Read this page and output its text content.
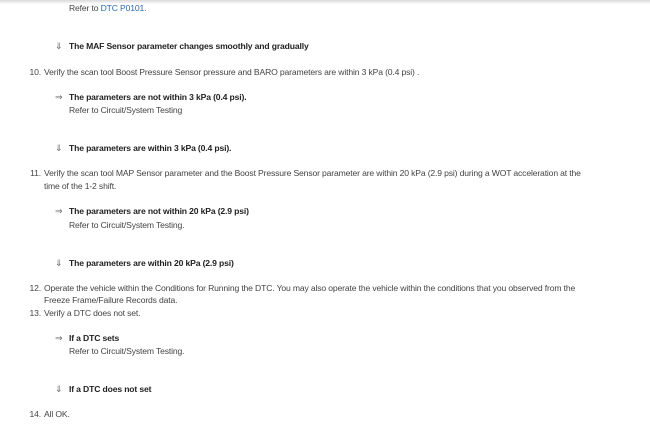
Refer to DTC P0101.
⇓ The MAF Sensor parameter changes smoothly and gradually
10. Verify the scan tool Boost Pressure Sensor pressure and BARO parameters are within 3 kPa (0.4 psi) .
⇒ The parameters are not within 3 kPa (0.4 psi).
Refer to Circuit/System Testing
⇓ The parameters are within 3 kPa (0.4 psi).
11. Verify the scan tool MAP Sensor parameter and the Boost Pressure Sensor parameter are within 20 kPa (2.9 psi) during a WOT acceleration at the
time of the 1-2 shift.
⇒ The parameters are not within 20 kPa (2.9 psi)
Refer to Circuit/System Testing.
⇓ The parameters are within 20 kPa (2.9 psi)
12. Operate the vehicle within the Conditions for Running the DTC. You may also operate the vehicle within the conditions that you observed from the
Freeze Frame/Failure Records data.
13. Verify a DTC does not set.
⇒ If a DTC sets
Refer to Circuit/System Testing.
⇓ If a DTC does not set
14. All OK.
